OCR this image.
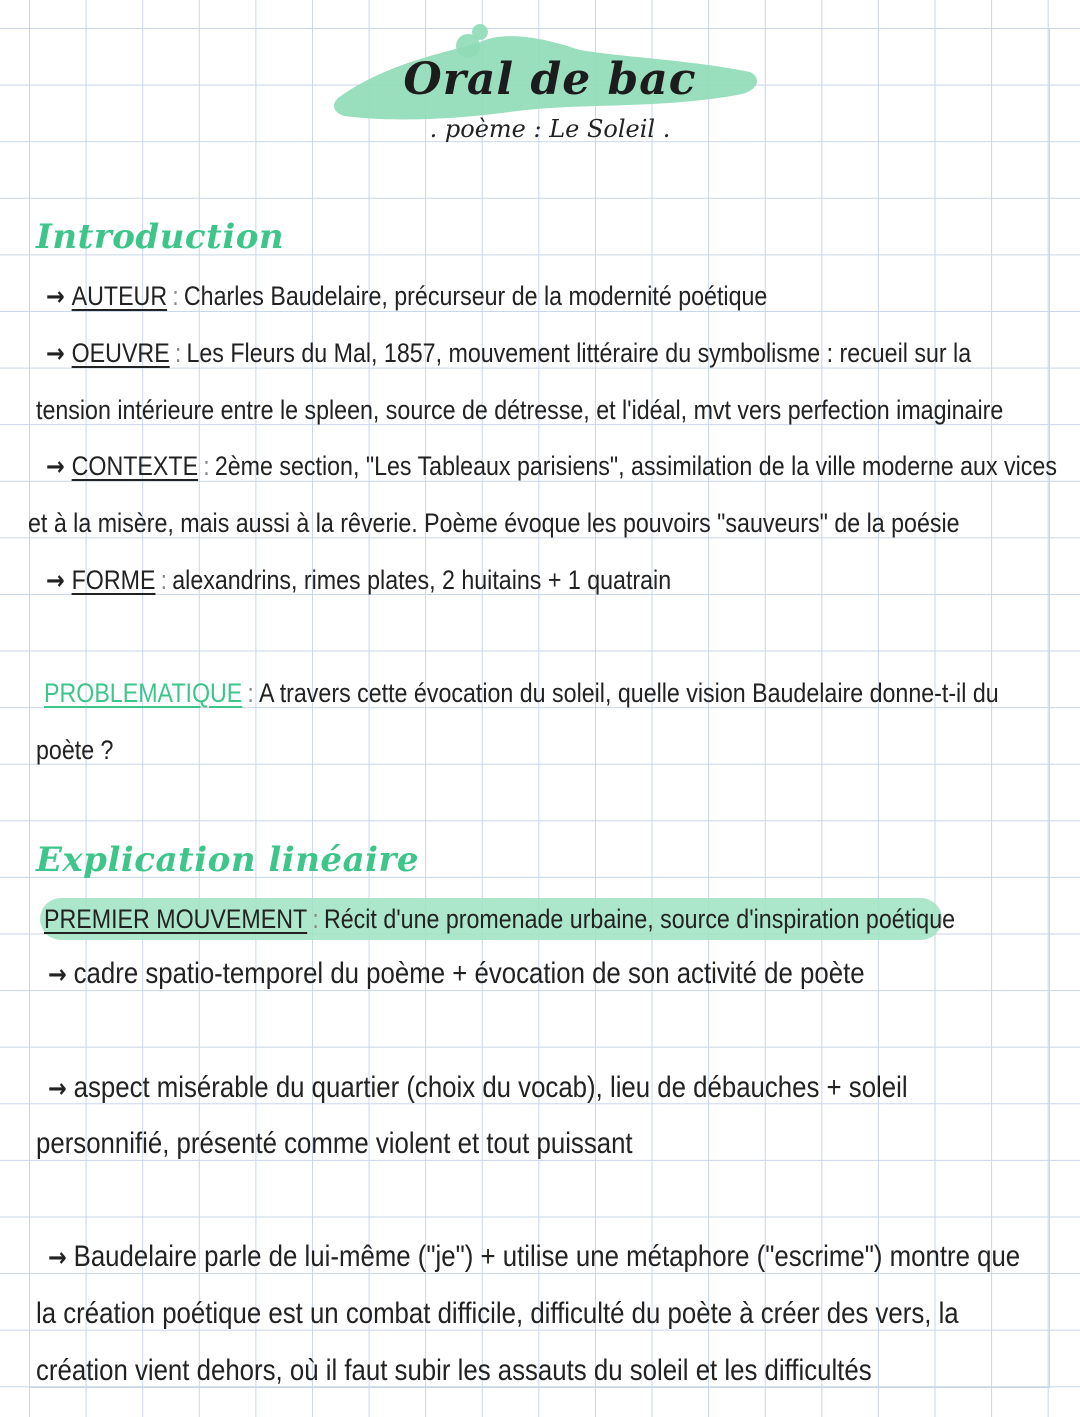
Oral de bac
. poème : Le Soleil .
Introduction
→ AUTEUR : Charles Baudelaire, précurseur de la modernité poétique
→ OEUVRE : Les Fleurs du Mal, 1857, mouvement littéraire du symbolisme : recueil sur la
tension intérieure entre le spleen, source de détresse, et l'idéal, mvt vers perfection imaginaire
→ CONTEXTE : 2ème section, "Les Tableaux parisiens", assimilation de la ville moderne aux vices
et à la misère, mais aussi à la rêverie. Poème évoque les pouvoirs "sauveurs" de la poésie
→ FORME : alexandrins, rimes plates, 2 huitains + 1 quatrain
PROBLEMATIQUE : A travers cette évocation du soleil, quelle vision Baudelaire donne-t-il du
poète ?
Explication linéaire
PREMIER MOUVEMENT : Récit d'une promenade urbaine, source d'inspiration poétique
→ cadre spatio-temporel du poème + évocation de son activité de poète
→ aspect misérable du quartier (choix du vocab), lieu de débauches + soleil
personnifié, présenté comme violent et tout puissant
→ Baudelaire parle de lui-même ("je") + utilise une métaphore ("escrime") montre que
la création poétique est un combat difficile, difficulté du poète à créer des vers, la
création vient dehors, où il faut subir les assauts du soleil et les difficultés
